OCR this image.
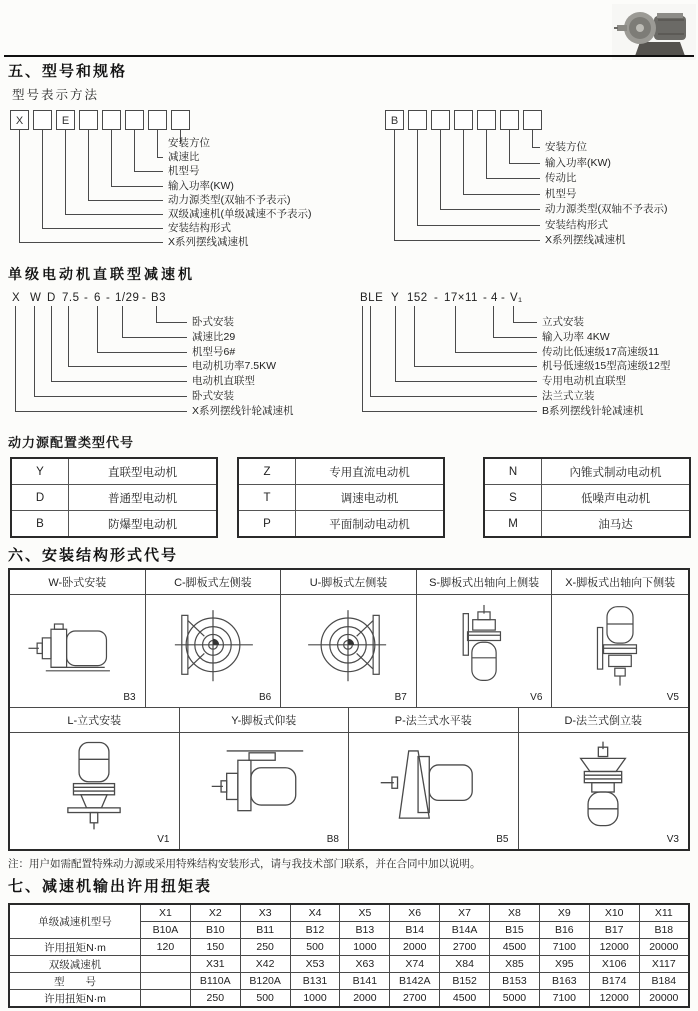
五、型号和规格
型号表示方法
单级电动机直联型减速机
动力源配置类型代号
六、安装结构形式代号
注：用户如需配置特殊动力源或采用特殊结构安装形式，请与我技术部门联系，并在合同中加以说明。
七、减速机输出许用扭矩表
X	E
安装方位
减速比
机型号
输入功率(KW)
动力源类型(双轴不予表示)
双级减速机(单级减速不予表示)
安装结构形式
X系列摆线减速机
B
安装方位
输入功率(KW)
传动比
机型号
动力源类型(双轴不予表示)
安装结构形式
X系列摆线减速机
X W D 7.5 - 6 - 1/29 - B3
卧式安装
减速比29
机型号6#
电动机功率7.5KW
电动机直联型
卧式安装
X系列摆线针轮减速机
BLE Y 152 - 17×11 - 4 - V₁
立式安装
输入功率 4KW
传动比低速级17高速级11
机号低速级15型高速级12型
专用电动机直联型
法兰式立装
B系列摆线针轮减速机
Y	直联型电动机
D	普通型电动机
B	防爆型电动机
Z	专用直流电动机
T	调速电动机
P	平面制动电动机
N	內锥式制动电动机
S	低噪声电动机
M	油马达
W-卧式安装	C-脚板式左侧装	U-脚板式左侧装	S-脚板式出轴向上侧装	X-脚板式出轴向下侧装
B3	B6	B7	V6	V5
L-立式安装	Y-脚板式仰装	P-法兰式水平装	D-法兰式倒立装
V1	B8	B5	V3
单级减速机型号	X1	X2	X3	X4	X5	X6	X7	X8	X9	X10	X11
	B10A	B10	B11	B12	B13	B14	B14A	B15	B16	B17	B18
许用扭矩N·m	120	150	250	500	1000	2000	2700	4500	7100	12000	20000
双级减速机		X31	X42	X53	X63	X74	X84	X85	X95	X106	X117
型　　号		B110A	B120A	B131	B141	B142A	B152	B153	B163	B174	B184
许用扭矩N·m		250	500	1000	2000	2700	4500	5000	7100	12000	20000
